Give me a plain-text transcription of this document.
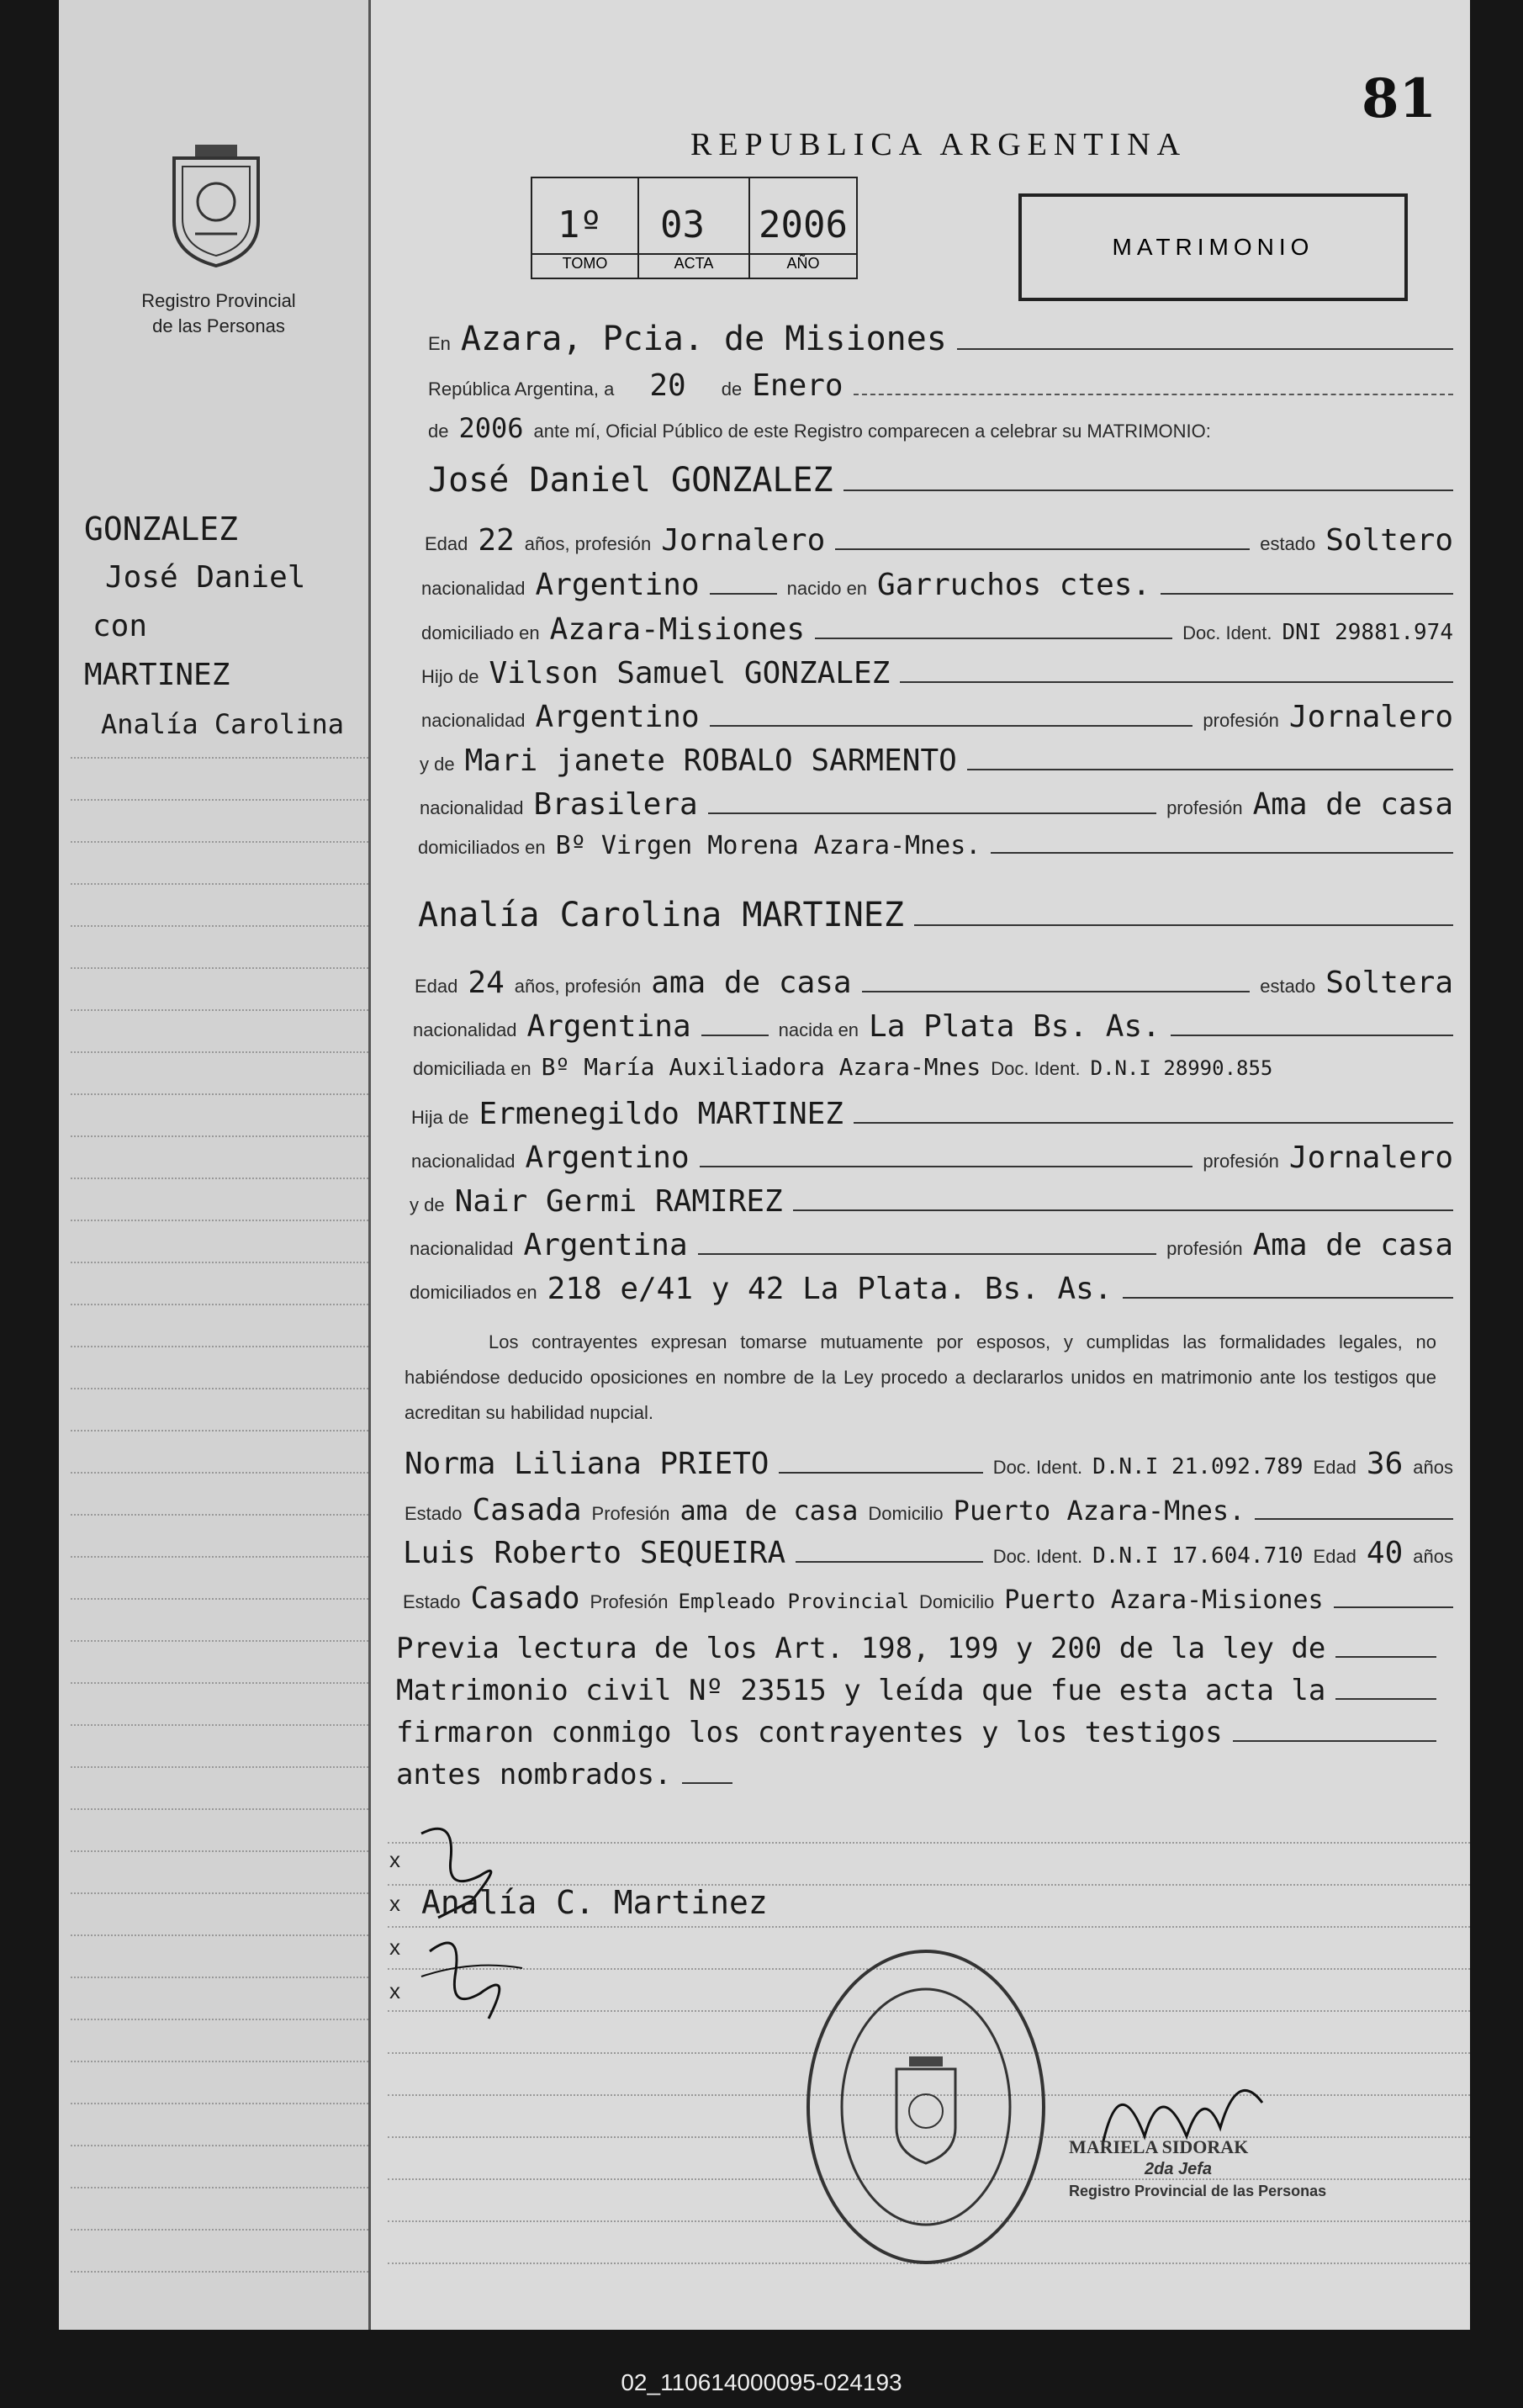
Registro Provincial
de las Personas
GONZALEZ
José Daniel
con
MARTINEZ
Analía Carolina
81
REPUBLICA ARGENTINA
1º
TOMO
03
ACTA
2006
AÑO
MATRIMONIO
En Azara, Pcia. de Misiones
República Argentina, a	20	de Enero
de 2006 ante mí, Oficial Público de este Registro comparecen a celebrar su MATRIMONIO:
José Daniel GONZALEZ
Edad 22 años, profesión Jornalero	estado Soltero
nacionalidad Argentino	nacido en Garruchos ctes.
domiciliado en Azara-Misiones	Doc. Ident. DNI 29881.974
Hijo de Vilson Samuel GONZALEZ
nacionalidad Argentino	profesión Jornalero
y de Mari janete ROBALO SARMENTO
nacionalidad Brasilera	profesión Ama de casa
domiciliados en Bº Virgen Morena Azara-Mnes.
Analía Carolina MARTINEZ
Edad 24 años, profesión ama de casa	estado Soltera
nacionalidad Argentina	nacida en La Plata Bs. As.
domiciliada en Bº María Auxiliadora Azara-Mnes Doc. Ident. D.N.I 28990.855
Hija de Ermenegildo MARTINEZ
nacionalidad Argentino	profesión Jornalero
y de Nair Germi RAMIREZ
nacionalidad Argentina	profesión Ama de casa
domiciliados en 218 e/41 y 42 La Plata. Bs. As.
Los contrayentes expresan tomarse mutuamente por esposos, y cumplidas las formalidades legales, no habiéndose deducido oposiciones en nombre de la Ley procedo a declararlos unidos en matrimonio ante los testigos que acreditan su habilidad nupcial.
Norma Liliana PRIETO	Doc. Ident. D.N.I 21.092.789 Edad 36 años
Estado Casada Profesión ama de casa Domicilio Puerto Azara-Mnes.
Luis Roberto SEQUEIRA	Doc. Ident. D.N.I 17.604.710 Edad 40 años
Estado Casado Profesión Empleado Provincial Domicilio Puerto Azara-Misiones
Previa lectura de los Art. 198, 199 y 200 de la ley de
Matrimonio civil Nº 23515 y leída que fue esta acta la
firmaron conmigo los contrayentes y los testigos
antes nombrados.
x
x
x
x
Analía C. Martinez
MARIELA SIDORAK
2da Jefa
Registro Provincial de las Personas
02_110614000095-024193
